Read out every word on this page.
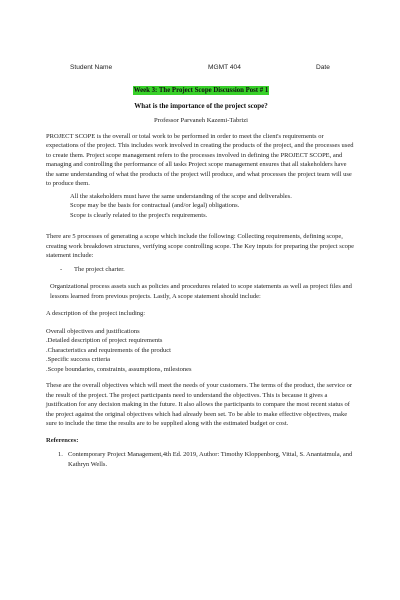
Student Name	MGMT 404	Date
Week 3: The Project Scope Discussion Post # 1
What is the importance of the project scope?
Professor Parvaneh Kazemi-Tabrizi

PROJECT SCOPE is the overall or total work to be performed in order to meet the client's requirements or expectations of the project. This includes work involved in creating the products of the project, and the processes used to create them. Project scope management refers to the processes involved in defining the PROJECT SCOPE, and managing and controlling the performance of all tasks Project scope management ensures that all stakeholders have the same understanding of what the products of the project will produce, and what processes the project team will use to produce them.

All the stakeholders must have the same understanding of the scope and deliverables.
Scope may be the basis for contractual (and/or legal) obligations.
Scope is clearly related to the project's requirements.

There are 5 processes of generating a scope which include the following: Collecting requirements, defining scope, creating work breakdown structures, verifying scope controlling scope. The Key inputs for preparing the project scope statement include:

- The project charter.

Organizational process assets such as policies and procedures related to scope statements as well as project files and lessons learned from previous projects. Lastly, A scope statement should include:

A description of the project including:

Overall objectives and justifications
.Detailed description of project requirements
.Characteristics and requirements of the product
.Specific success criteria
.Scope boundaries, constraints, assumptions, milestones

These are the overall objectives which will meet the needs of your customers. The terms of the product, the service or the result of the project. The project participants need to understand the objectives. This is because it gives a justification for any decision making in the future. It also allows the participants to compare the most recent status of the project against the original objectives which had already been set. To be able to make effective objectives, make sure to include the time the results are to be supplied along with the estimated budget or cost.

References:

1. Contemporary Project Management,4th Ed. 2019, Author: Timothy Kloppenborg, Vittal, S. Anantatmula, and Kathryn Wells.
